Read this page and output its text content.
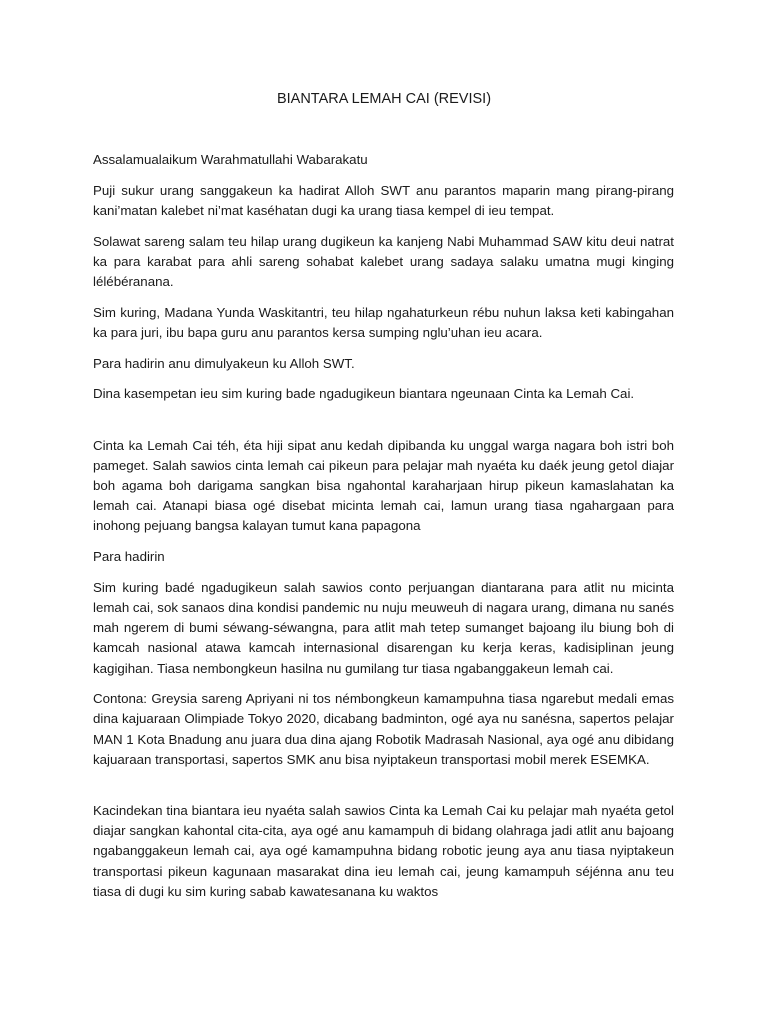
BIANTARA LEMAH CAI (REVISI)

Assalamualaikum Warahmatullahi Wabarakatu

Puji sukur urang sanggakeun ka hadirat Alloh SWT anu parantos maparin mang pirang-pirang kani’matan kalebet ni’mat kaséhatan dugi ka urang tiasa kempel di ieu tempat.

Solawat sareng salam teu hilap urang dugikeun ka kanjeng Nabi Muhammad SAW kitu deui natrat ka para karabat para ahli sareng sohabat kalebet urang sadaya salaku umatna mugi kinging lélébéranana.

Sim kuring, Madana Yunda Waskitantri, teu hilap ngahaturkeun rébu nuhun laksa keti kabingahan ka para juri, ibu bapa guru anu parantos kersa sumping nglu’uhan ieu acara.

Para hadirin anu dimulyakeun ku Alloh SWT.

Dina kasempetan ieu sim kuring bade ngadugikeun biantara ngeunaan Cinta ka Lemah Cai.

Cinta ka Lemah Cai téh, éta hiji sipat anu kedah dipibanda ku unggal warga nagara boh istri boh pameget. Salah sawios cinta lemah cai pikeun para pelajar mah nyaéta ku daék jeung getol diajar boh agama boh darigama sangkan bisa ngahontal karaharjaan hirup pikeun kamaslahatan ka lemah cai. Atanapi biasa ogé disebat micinta lemah cai, lamun urang tiasa ngahargaan para inohong pejuang bangsa kalayan tumut kana papagona

Para hadirin

Sim kuring badé ngadugikeun salah sawios conto perjuangan diantarana para atlit nu micinta lemah cai, sok sanaos dina kondisi pandemic nu nuju meuweuh di nagara urang, dimana nu sanés mah ngerem di bumi séwang-séwangna, para atlit mah tetep sumanget bajoang ilu biung boh di kamcah nasional atawa kamcah internasional disarengan ku kerja keras, kadisiplinan jeung kagigihan. Tiasa nembongkeun hasilna nu gumilang tur tiasa ngabanggakeun lemah cai.

Contona: Greysia sareng Apriyani ni tos némbongkeun kamampuhna tiasa ngarebut medali emas dina kajuaraan Olimpiade Tokyo 2020, dicabang badminton, ogé aya nu sanésna, sapertos pelajar MAN 1 Kota Bnadung anu juara dua dina ajang Robotik Madrasah Nasional, aya ogé anu dibidang kajuaraan transportasi, sapertos SMK anu bisa nyiptakeun transportasi mobil merek ESEMKA.

Kacindekan tina biantara ieu nyaéta salah sawios Cinta ka Lemah Cai ku pelajar mah nyaéta getol diajar sangkan kahontal cita-cita, aya ogé anu kamampuh di bidang olahraga jadi atlit anu bajoang ngabanggakeun lemah cai, aya ogé kamampuhna bidang robotic jeung aya anu tiasa nyiptakeun transportasi pikeun kagunaan masarakat dina ieu lemah cai, jeung kamampuh séjénna anu teu tiasa di dugi ku sim kuring sabab kawatesanana ku waktos
